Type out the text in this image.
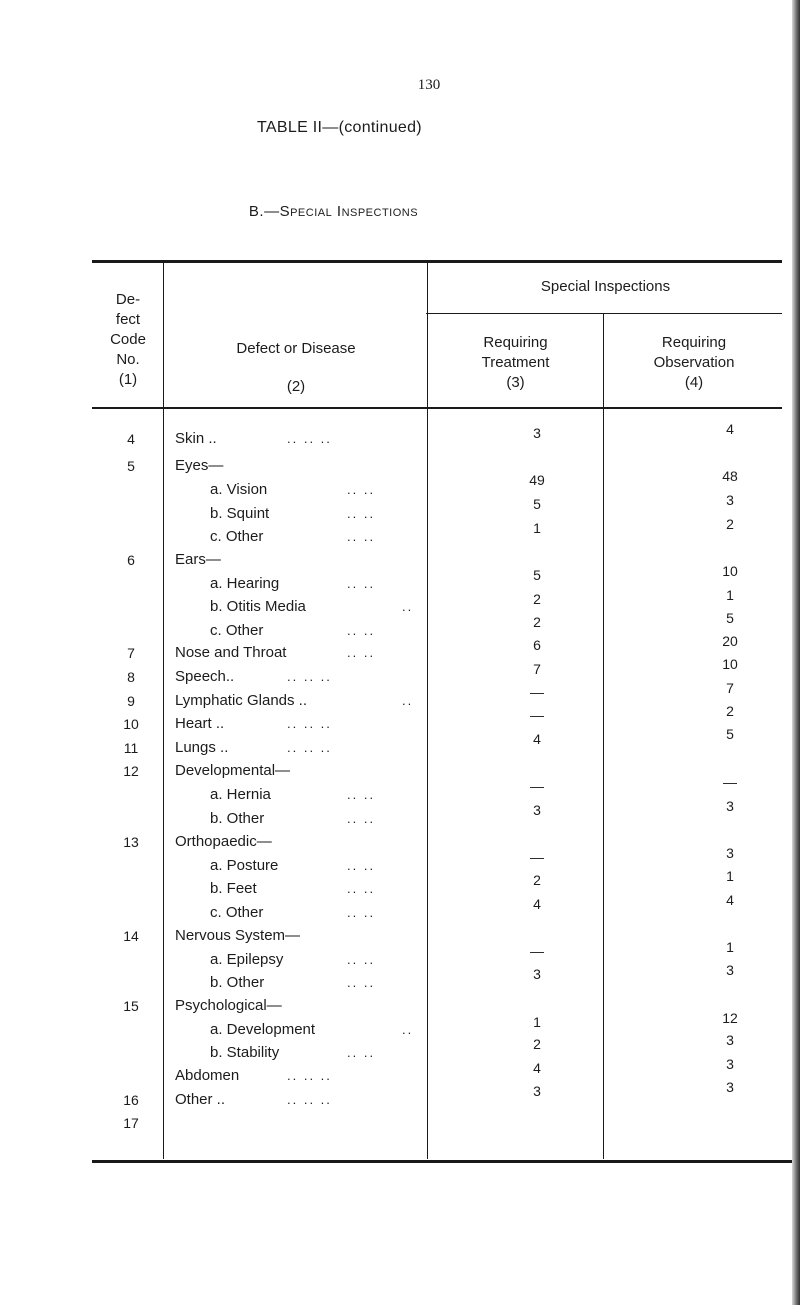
130
TABLE II—(continued)
B.—Special Inspections
De-
fect
Code
No.
(1)
Defect or Disease
(2)
Special Inspections
Requiring
Treatment
(3)
Requiring
Observation
(4)
4
5
6
7
8
9
10
11
12
13
14
15
16
17
Skin ..
Eyes—
a. Vision
b. Squint
c. Other
Ears—
a. Hearing
b. Otitis Media
c. Other
Nose and Throat
Speech..
Lymphatic Glands ..
Heart ..
Lungs ..
Developmental—
a. Hernia
b. Other
Orthopaedic—
a. Posture
b. Feet
c. Other
Nervous System—
a. Epilepsy
b. Other
Psychological—
a. Development
b. Stability
Abdomen
Other ..
.. .. ..
.. ..
.. ..
.. ..
.. ..
..
.. ..
.. ..
.. .. ..
..
.. .. ..
.. .. ..
.. ..
.. ..
.. ..
.. ..
.. ..
.. ..
.. ..
..
.. ..
.. .. ..
.. .. ..
3
49
5
1
5
2
2
6
7
—
—
4
—
3
—
2
4
—
3
1
2
4
3
4
48
3
2
10
1
5
20
10
7
2
5
—
3
3
1
4
1
3
12
3
3
3
